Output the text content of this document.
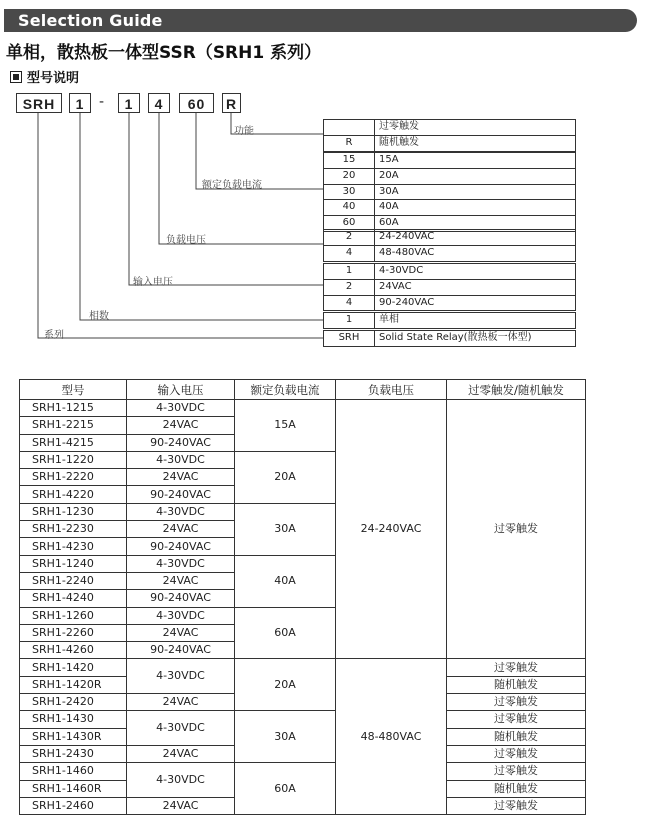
Selection Guide
单相，散热板一体型SSR（SRH1 系列）
型号说明
SRH	1	-	1	4	60	R
功能
额定负载电流
负载电压
输入电压
相数
系列
过零触发
R	随机触发
15	15A
20	20A
30	30A
40	40A
60	60A
2	24-240VAC
4	48-480VAC
1	4-30VDC
2	24VAC
4	90-240VAC
1	单相
SRH	Solid State Relay(散热板一体型)
型号	输入电压	额定负载电流	负载电压	过零触发/随机触发
SRH1-1215	4-30VDC	15A	24-240VAC	过零触发
SRH1-2215	24VAC			
SRH1-4215	90-240VAC			
SRH1-1220	4-30VDC	20A		
SRH1-2220	24VAC			
SRH1-4220	90-240VAC			
SRH1-1230	4-30VDC	30A		
SRH1-2230	24VAC			
SRH1-4230	90-240VAC			
SRH1-1240	4-30VDC	40A		
SRH1-2240	24VAC			
SRH1-4240	90-240VAC			
SRH1-1260	4-30VDC	60A		
SRH1-2260	24VAC			
SRH1-4260	90-240VAC			
SRH1-1420	4-30VDC	20A	48-480VAC	过零触发
SRH1-1420R				随机触发
SRH1-2420	24VAC			过零触发
SRH1-1430	4-30VDC	30A		过零触发
SRH1-1430R				随机触发
SRH1-2430	24VAC			过零触发
SRH1-1460	4-30VDC	60A		过零触发
SRH1-1460R				随机触发
SRH1-2460	24VAC			过零触发
